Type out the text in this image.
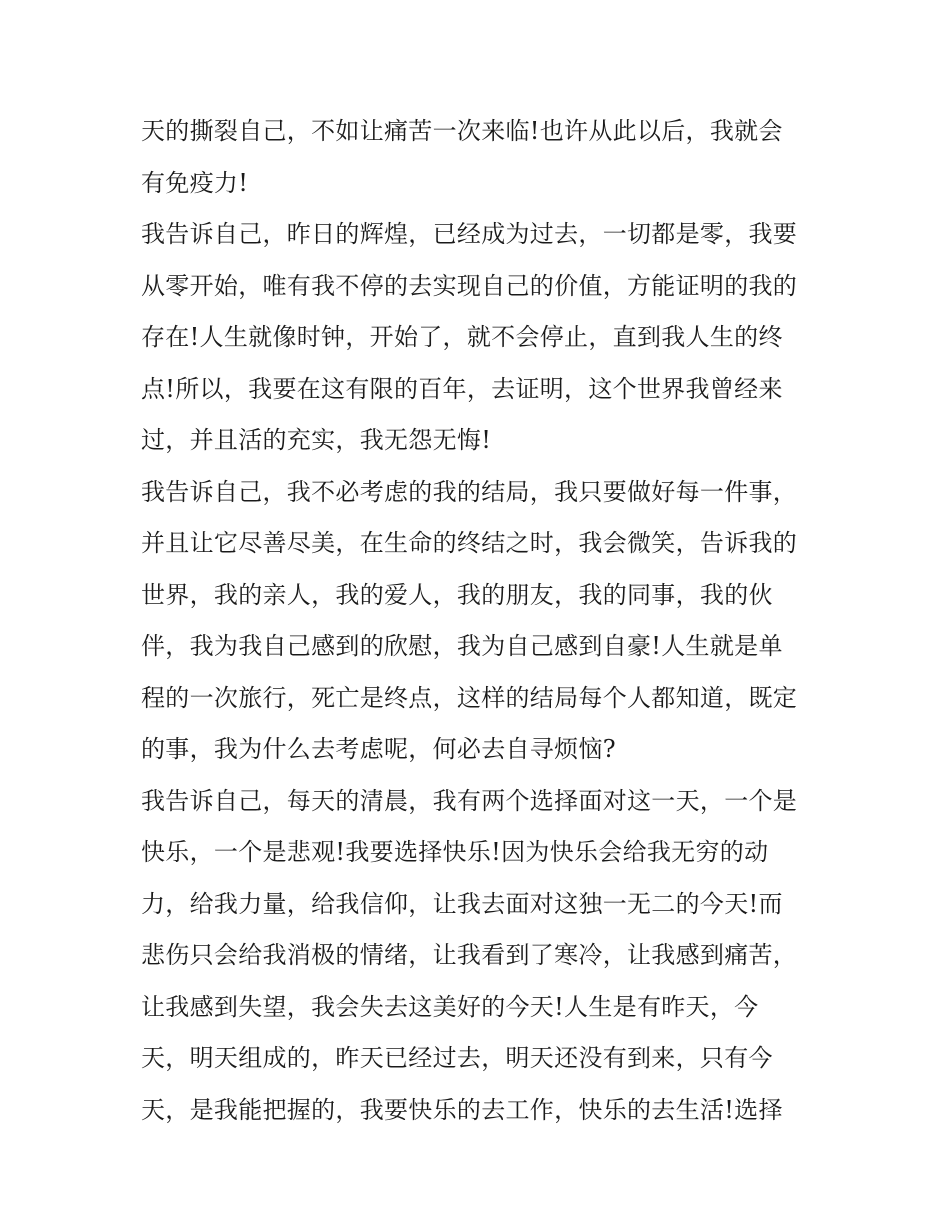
天的撕裂自己，不如让痛苦一次来临!也许从此以后，我就会
有免疫力!
我告诉自己，昨日的辉煌，已经成为过去，一切都是零，我要
从零开始，唯有我不停的去实现自己的价值，方能证明的我的
存在!人生就像时钟，开始了，就不会停止，直到我人生的终
点!所以，我要在这有限的百年，去证明，这个世界我曾经来
过，并且活的充实，我无怨无悔!
我告诉自己，我不必考虑的我的结局，我只要做好每一件事，
并且让它尽善尽美，在生命的终结之时，我会微笑，告诉我的
世界，我的亲人，我的爱人，我的朋友，我的同事，我的伙
伴，我为我自己感到的欣慰，我为自己感到自豪!人生就是单
程的一次旅行，死亡是终点，这样的结局每个人都知道，既定
的事，我为什么去考虑呢，何必去自寻烦恼?
我告诉自己，每天的清晨，我有两个选择面对这一天，一个是
快乐，一个是悲观!我要选择快乐!因为快乐会给我无穷的动
力，给我力量，给我信仰，让我去面对这独一无二的今天!而
悲伤只会给我消极的情绪，让我看到了寒冷，让我感到痛苦，
让我感到失望，我会失去这美好的今天!人生是有昨天，今
天，明天组成的，昨天已经过去，明天还没有到来，只有今
天，是我能把握的，我要快乐的去工作，快乐的去生活!选择
